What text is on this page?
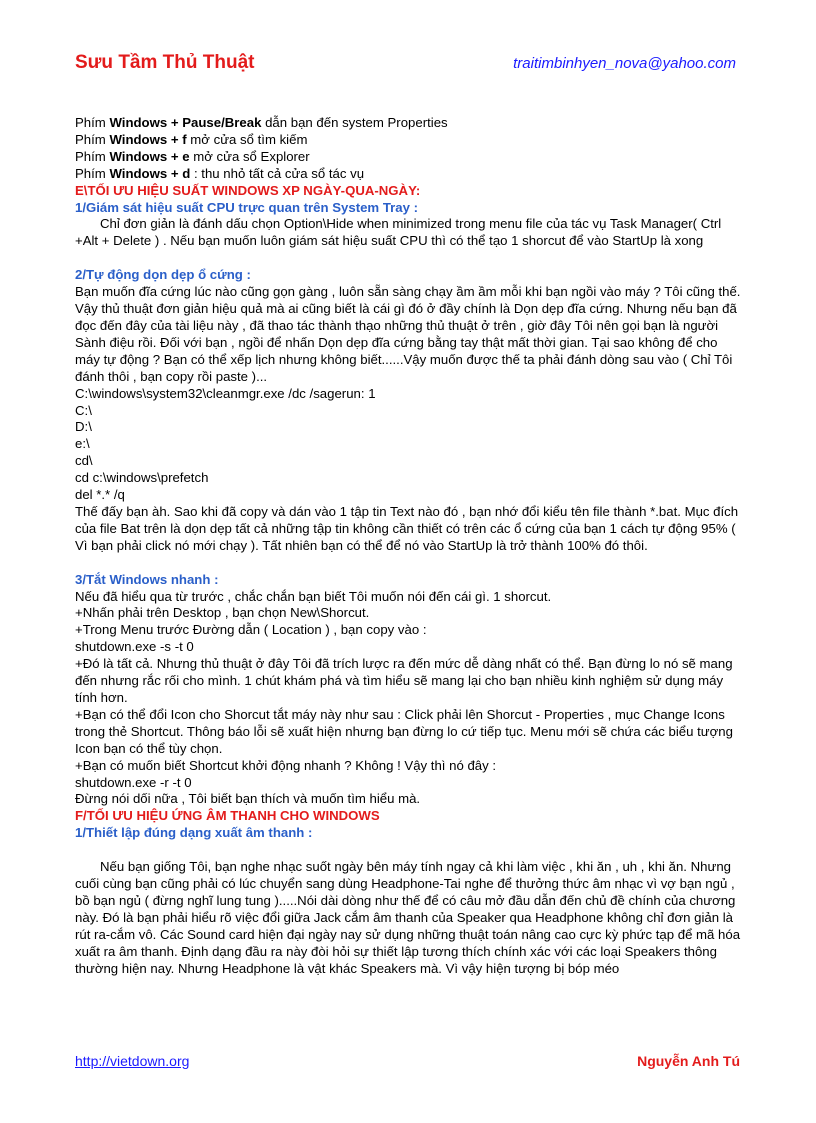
Sưu Tầm Thủ Thuật	traitimbinhyen_nova@yahoo.com
Phím Windows + Pause/Break dẫn bạn đến system Properties
Phím Windows + f mở cửa sổ tìm kiếm
Phím Windows + e mở cửa sổ Explorer
Phím Windows + d : thu nhỏ tất cả cửa sổ tác vụ
E\TỐI ƯU HIỆU SUẤT WINDOWS XP NGÀY-QUA-NGÀY:
1/Giám sát hiệu suất CPU trực quan trên System Tray :

Chỉ đơn giản là đánh dấu chọn Option\Hide when minimized trong menu file của tác vụ Task Manager( Ctrl +Alt + Delete ) . Nếu bạn muốn luôn giám sát hiệu suất CPU thì có thể tạo 1 shorcut để vào StartUp là xong

2/Tự động dọn dẹp ổ cứng :

Bạn muốn đĩa cứng lúc nào cũng gọn gàng , luôn sẵn sàng chạy ầm ầm mỗi khi bạn ngồi vào máy ? Tôi cũng thế. Vậy thủ thuật đơn giản hiệu quả mà ai cũng biết là cái gì đó ở đầy chính là Dọn dẹp đĩa cứng. Nhưng nếu bạn đã đọc đến đây của tài liệu này , đã thao tác thành thạo những thủ thuật ở trên , giờ đây Tôi nên gọi bạn là người Sành điệu rồi. Đối với bạn , ngồi để nhấn Dọn dẹp đĩa cứng bằng tay thật mất thời gian. Tại sao không để cho máy tự động ? Bạn có thể xếp lịch nhưng không biết......Vậy muốn được thế ta phải đánh dòng sau vào ( Chỉ Tôi đánh thôi , bạn copy rồi paste )...

C:\windows\system32\cleanmgr.exe /dc /sagerun: 1
C:\
D:\
e:\
cd\
cd c:\windows\prefetch
del *.* /q

Thế đấy bạn àh. Sao khi đã copy và dán vào 1 tập tin Text nào đó , bạn nhớ đổi kiểu tên file thành *.bat. Mục đích của file Bat trên là dọn dẹp tất cả những tập tin không cần thiết có trên các ổ cứng của bạn 1 cách tự động 95% ( Vì bạn phải click nó mới chạy ). Tất nhiên bạn có thể để nó vào StartUp là trở thành 100% đó thôi.

3/Tắt Windows nhanh :
Nếu đã hiểu qua từ trước , chắc chắn bạn biết Tôi muốn nói đến cái gì. 1 shorcut.
+Nhấn phải trên Desktop , bạn chọn New\Shorcut.
+Trong Menu trước Đường dẫn ( Location ) , bạn copy vào :
shutdown.exe -s -t 0
+Đó là tất cả. Nhưng thủ thuật ở đây Tôi đã trích lược ra đến mức dễ dàng nhất có thể. Bạn đừng lo nó sẽ mang đến nhưng rắc rối cho mình. 1 chút khám phá và tìm hiểu sẽ mang lại cho bạn nhiều kinh nghiệm sử dụng máy tính hơn.
+Bạn có thể đổi Icon cho Shorcut tắt máy này như sau : Click phải lên Shorcut - Properties , mục Change Icons trong thẻ Shortcut. Thông báo lỗi sẽ xuất hiện nhưng bạn đừng lo cứ tiếp tục. Menu mới sẽ chứa các biểu tượng Icon bạn có thể tùy chọn.
+Bạn có muốn biết Shortcut khởi động nhanh ? Không ! Vậy thì nó đây :
shutdown.exe -r -t 0
Đừng nói dối nữa , Tôi biết bạn thích và muốn tìm hiểu mà.
F/TỐI ƯU HIỆU ỨNG ÂM THANH CHO WINDOWS
1/Thiết lập đúng dạng xuất âm thanh :

Nếu bạn giống Tôi, bạn nghe nhạc suốt ngày bên máy tính ngay cả khi làm việc , khi ăn , uh , khi ăn. Nhưng cuối cùng bạn cũng phải có lúc chuyển sang dùng Headphone-Tai nghe để thưởng thức âm nhạc vì vợ bạn ngủ , bồ bạn ngủ ( đừng nghĩ lung tung ).....Nói dài dòng như thế để có câu mở đầu dẫn đến chủ đề chính của chương này. Đó là bạn phải hiểu rõ việc đổi giữa Jack cắm âm thanh của Speaker qua Headphone không chỉ đơn giản là rút ra-cắm vô. Các Sound card hiện đại ngày nay sử dụng những thuật toán nâng cao cực kỳ phức tạp để mã hóa xuất ra âm thanh. Định dạng đầu ra này đòi hỏi sự thiết lập tương thích chính xác với các loại Speakers thông thường hiện nay. Nhưng Headphone là vật khác Speakers mà. Vì vậy hiện tượng bị bóp méo

http://vietdown.org	Nguyễn Anh Tú
